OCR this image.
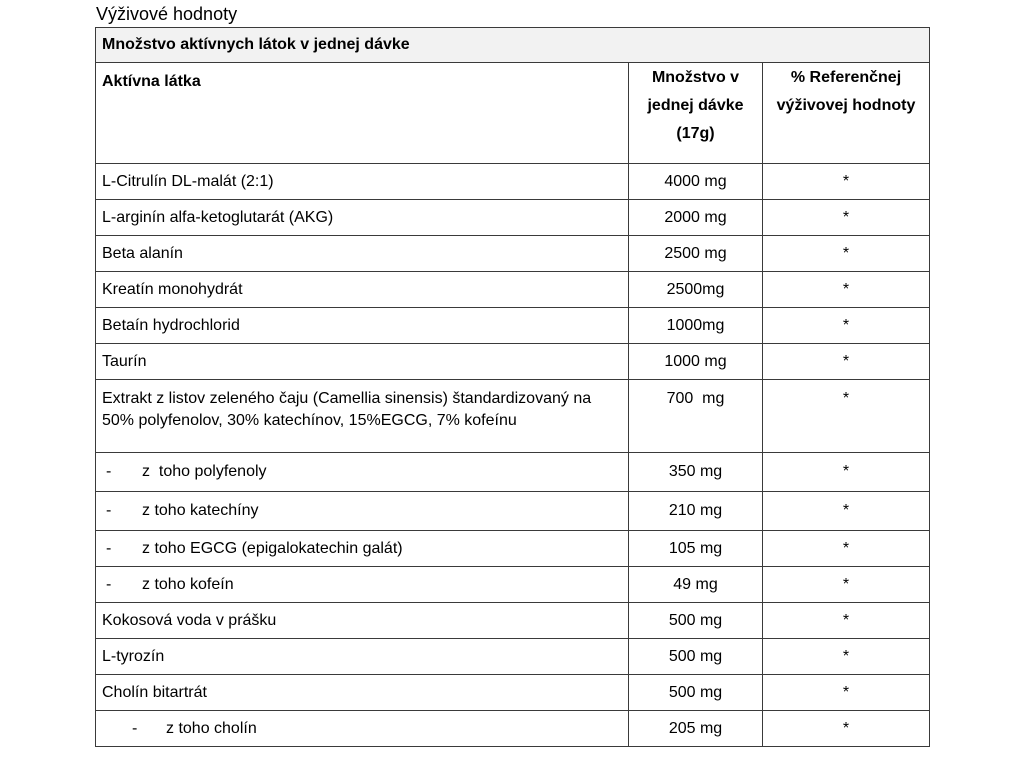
Výživové hodnoty
Množstvo aktívnych látok v jednej dávke		
Aktívna látka	Množstvo v jednej dávke (17g)	% Referenčnej výživovej hodnoty
L-Citrulín DL-malát (2:1)	4000 mg	*
L-arginín alfa-ketoglutarát (AKG)	2000 mg	*
Beta alanín	2500 mg	*
Kreatín monohydrát	2500mg	*
Betaín hydrochlorid	1000mg	*
Taurín	1000 mg	*
Extrakt z listov zeleného čaju (Camellia sinensis) štandardizovaný na 50% polyfenolov, 30% katechínov, 15%EGCG, 7% kofeínu	700  mg	*
- z  toho polyfenoly	350 mg	*
- z toho katechíny	210 mg	*
- z toho EGCG (epigalokatechin galát)	105 mg	*
- z toho kofeín	49 mg	*
Kokosová voda v prášku	500 mg	*
L-tyrozín	500 mg	*
Cholín bitartrát	500 mg	*
- z toho cholín	205 mg	*
